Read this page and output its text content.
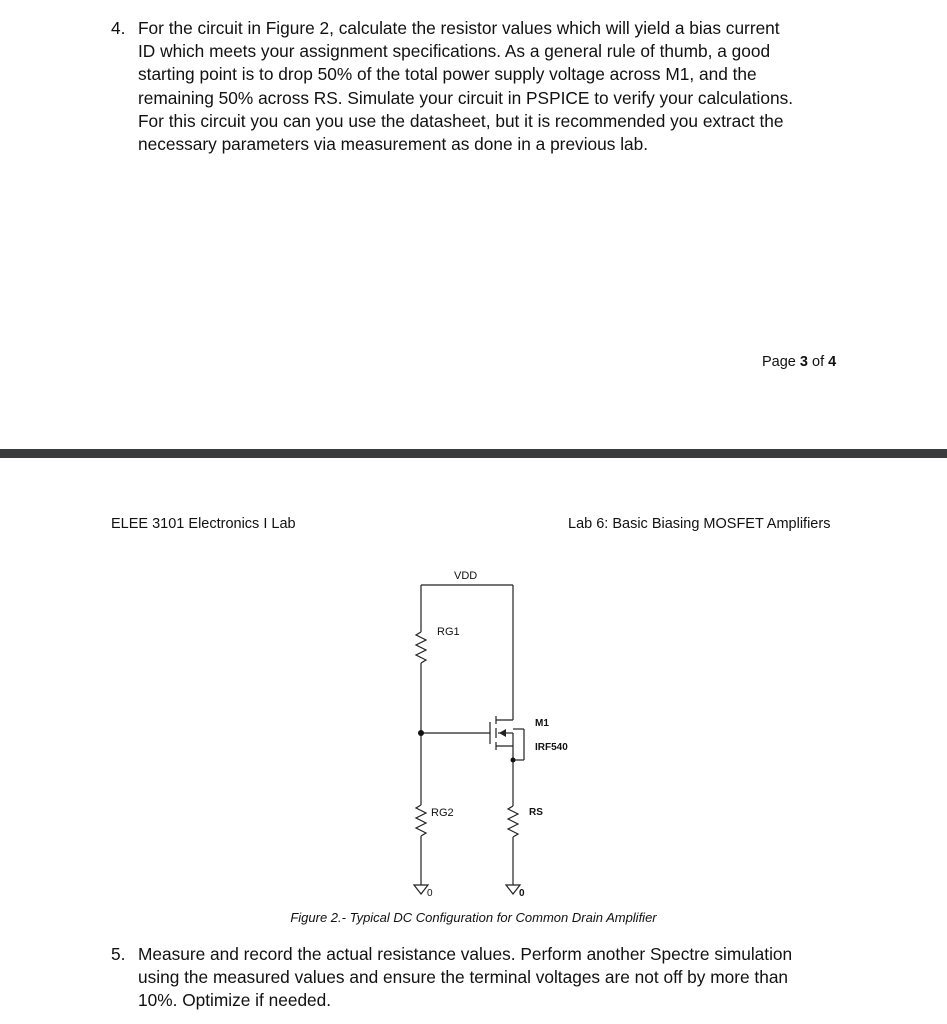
4. For the circuit in Figure 2, calculate the resistor values which will yield a bias current
ID which meets your assignment specifications. As a general rule of thumb, a good
starting point is to drop 50% of the total power supply voltage across M1, and the
remaining 50% across RS. Simulate your circuit in PSPICE to verify your calculations.
For this circuit you can you use the datasheet, but it is recommended you extract the
necessary parameters via measurement as done in a previous lab.
Page 3 of 4
ELEE 3101 Electronics I Lab	Lab 6: Basic Biasing MOSFET Amplifiers
VDD
RG1
RG2
M1
IRF540
RS
0	0
Figure 2.- Typical DC Configuration for Common Drain Amplifier
5. Measure and record the actual resistance values. Perform another Spectre simulation
using the measured values and ensure the terminal voltages are not off by more than
10%. Optimize if needed.
